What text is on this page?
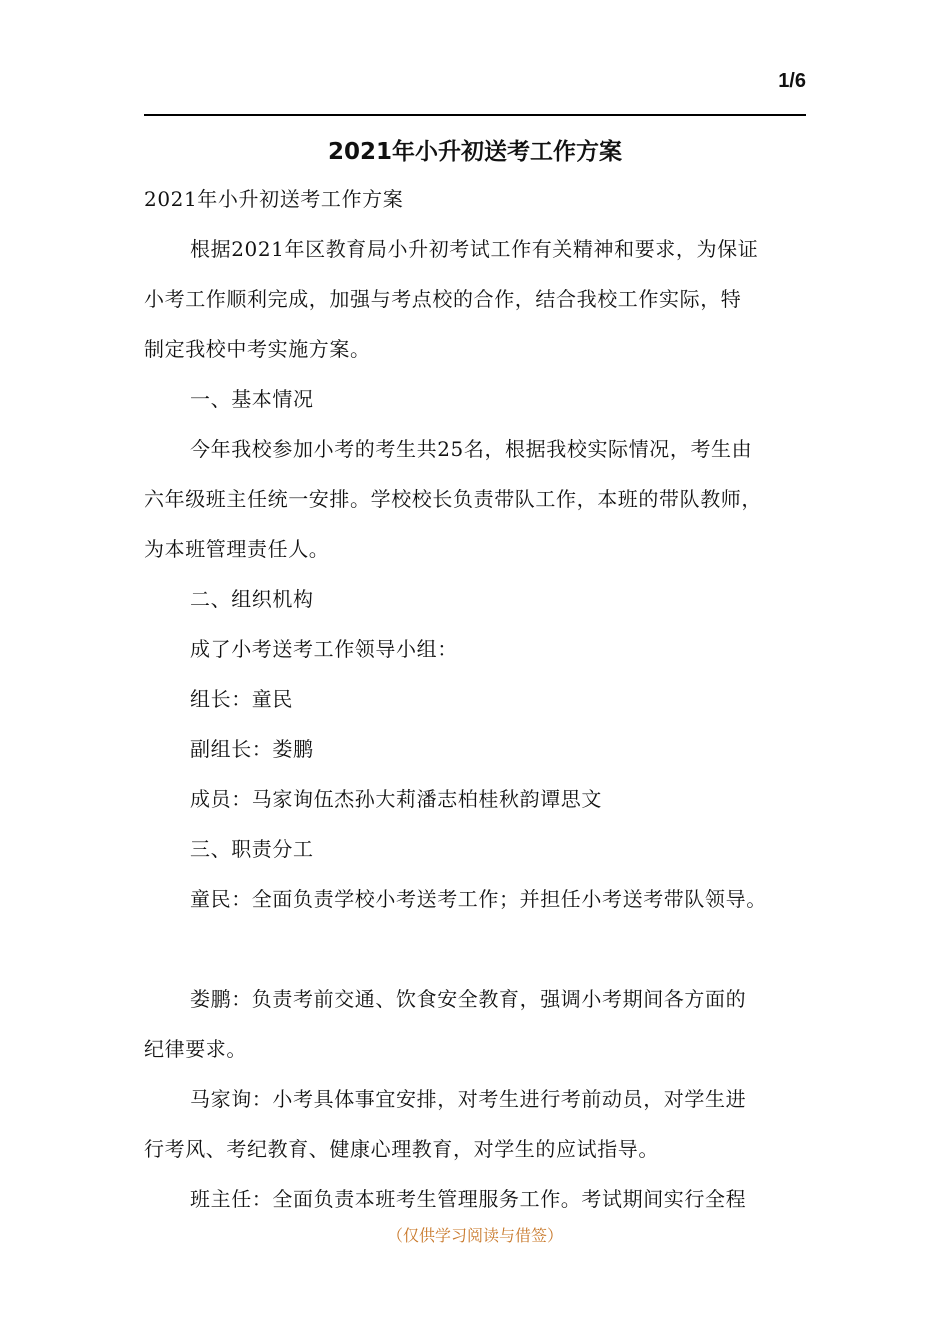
1/6
2021年小升初送考工作方案
2021年小升初送考工作方案
根据2021年区教育局小升初考试工作有关精神和要求，为保证
小考工作顺利完成，加强与考点校的合作，结合我校工作实际，特
制定我校中考实施方案。
一、基本情况
今年我校参加小考的考生共25名，根据我校实际情况，考生由
六年级班主任统一安排。学校校长负责带队工作，本班的带队教师，
为本班管理责任人。
二、组织机构
成了小考送考工作领导小组：
组长：童民
副组长：娄鹏
成员：马家询伍杰孙大莉潘志柏桂秋韵谭思文
三、职责分工
童民：全面负责学校小考送考工作；并担任小考送考带队领导。
娄鹏：负责考前交通、饮食安全教育，强调小考期间各方面的
纪律要求。
马家询：小考具体事宜安排，对考生进行考前动员，对学生进
行考风、考纪教育、健康心理教育，对学生的应试指导。
班主任：全面负责本班考生管理服务工作。考试期间实行全程
（仅供学习阅读与借签）
